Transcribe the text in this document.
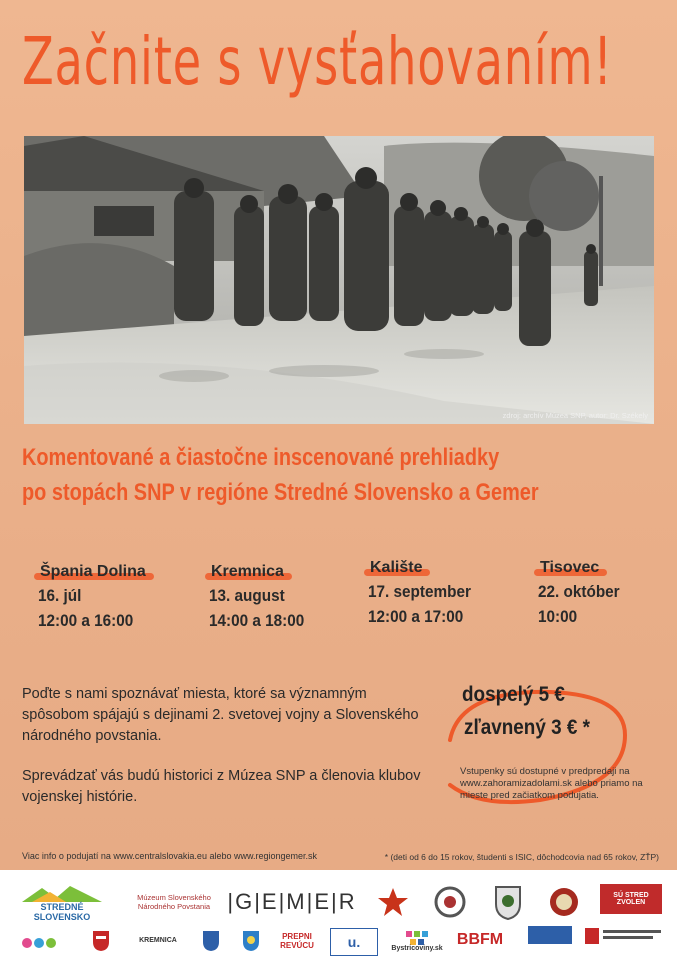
Začnite s vysťahovaním!
zdroj: archív Múzea SNP, autor: Dr. Székely
Komentované a čiastočne inscenované prehliadky
po stopách SNP v regióne Stredné Slovensko a Gemer
Špania Dolina
16. júl
12:00 a 16:00
Kremnica
13. august
14:00 a 18:00
Kalište
17. september
12:00 a 17:00
Tisovec
22. október
10:00
Poďte s nami spoznávať miesta, ktoré sa významným spôsobom spájajú s dejinami 2. svetovej vojny a Slovenského národného povstania.
Sprevádzať vás budú historici z Múzea SNP a členovia klubov vojenskej histórie.
dospelý 5 €
zľavnený 3 € *
Vstupenky sú dostupné v predpredaji na www.zahoramizadolami.sk alebo priamo na mieste pred začiatkom podujatia.
Viac info o podujatí na www.centralslovakia.eu alebo www.regiongemer.sk	* (deti od 6 do 15 rokov, študenti s ISIC, dôchodcovia nad 65 rokov, ZŤP)
STREDNÉ SLOVENSKO
Múzeum Slovenského Národného Povstania |G|E|M|E|R	SÚ STRED ZVOLEN
KREMNICA	PREPNI REVÚCU u.	Bystricoviny.sk BBFM
